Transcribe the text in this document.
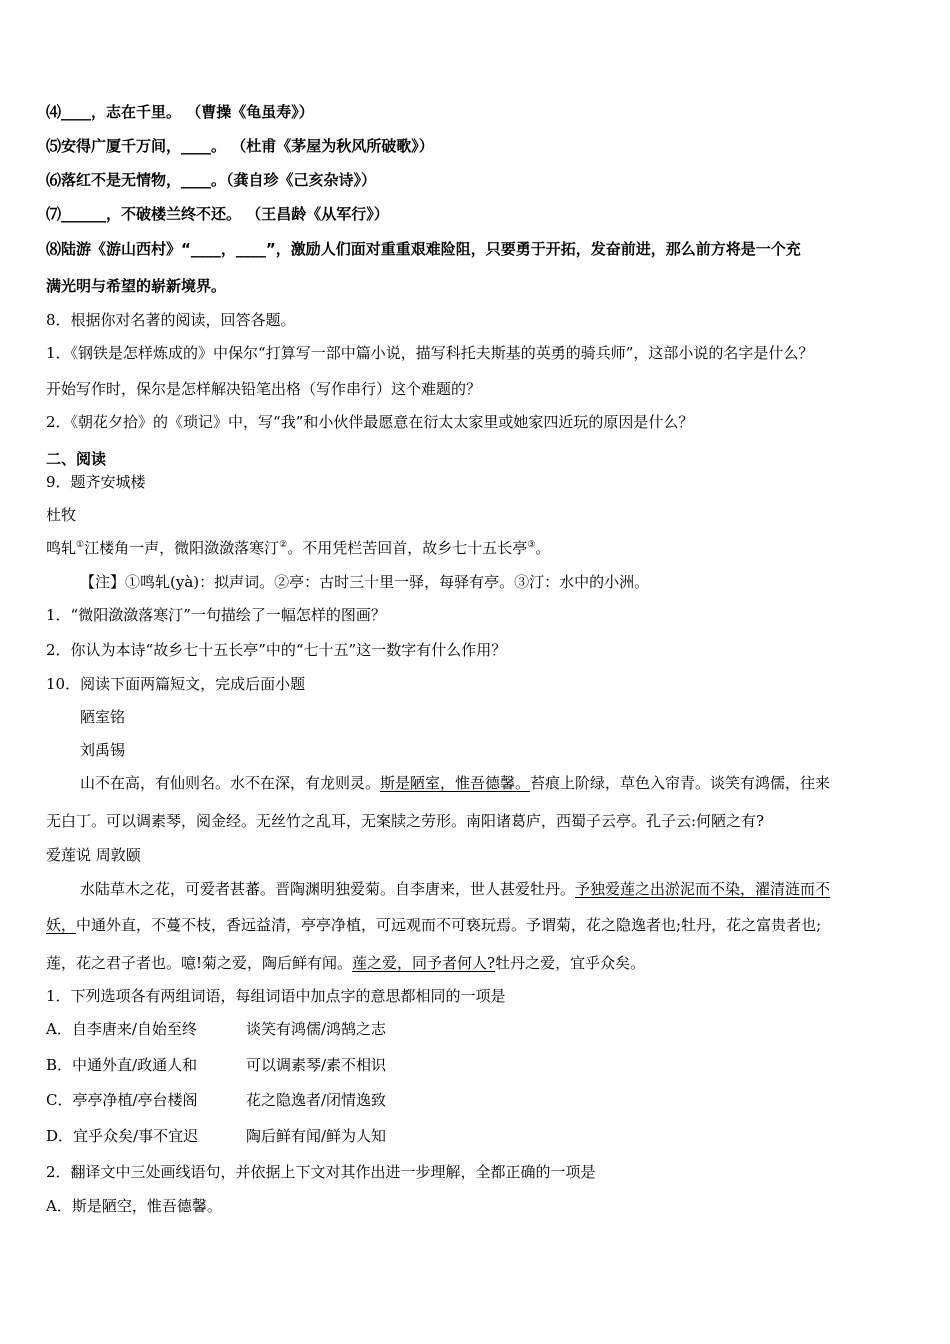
⑷____，志在千里。 （曹操《龟虽寿》）
⑸安得广厦千万间，____。 （杜甫《茅屋为秋风所破歌》）
⑹落红不是无情物，____。（龚自珍《己亥杂诗》）
⑺______，不破楼兰终不还。 （王昌龄《从军行》）
⑻陆游《游山西村》“____，____”，激励人们面对重重艰难险阻，只要勇于开拓，发奋前进，那么前方将是一个充
满光明与希望的崭新境界。
8．根据你对名著的阅读，回答各题。
1．《钢铁是怎样炼成的》中保尔“打算写一部中篇小说，描写科托夫斯基的英勇的骑兵师”，这部小说的名字是什么？
开始写作时，保尔是怎样解决铅笔出格（写作串行）这个难题的？
2．《朝花夕拾》的《琐记》中，写“我”和小伙伴最愿意在衍太太家里或她家四近玩的原因是什么？
二、阅读
9．题齐安城楼
杜牧
鸣轧①江楼角一声，微阳潋潋落寒汀②。不用凭栏苦回首，故乡七十五长亭③。
【注】①鸣轧(yà)：拟声词。②亭：古时三十里一驿，每驿有亭。③汀：水中的小洲。
1．“微阳潋潋落寒汀”一句描绘了一幅怎样的图画？
2．你认为本诗“故乡七十五长亭”中的“七十五”这一数字有什么作用？
10．阅读下面两篇短文，完成后面小题
陋室铭
刘禹锡
山不在高，有仙则名。水不在深，有龙则灵。斯是陋室，惟吾德馨。苔痕上阶绿，草色入帘青。谈笑有鸿儒，往来
无白丁。可以调素琴，阅金经。无丝竹之乱耳，无案牍之劳形。南阳诸葛庐，西蜀子云亭。孔子云:何陋之有?
爱莲说 周敦颐
水陆草木之花，可爱者甚蕃。晋陶渊明独爱菊。自李唐来，世人甚爱牡丹。予独爱莲之出淤泥而不染，濯清涟而不
妖，中通外直，不蔓不枝，香远益清，亭亭净植，可远观而不可亵玩焉。予谓菊，花之隐逸者也;牡丹，花之富贵者也;
莲，花之君子者也。噫!菊之爱，陶后鲜有闻。莲之爱，同予者何人?牡丹之爱，宜乎众矣。
1．下列选项各有两组词语，每组词语中加点字的意思都相同的一项是
A．自李唐来/自始至终	谈笑有鸿儒/鸿鹄之志
B．中通外直/政通人和	可以调素琴/素不相识
C．亭亭净植/亭台楼阁	花之隐逸者/闭情逸致
D．宜乎众矣/事不宜迟	陶后鲜有闻/鲜为人知
2．翻译文中三处画线语句，并依据上下文对其作出进一步理解，全都正确的一项是
A．斯是陋空，惟吾德馨。
